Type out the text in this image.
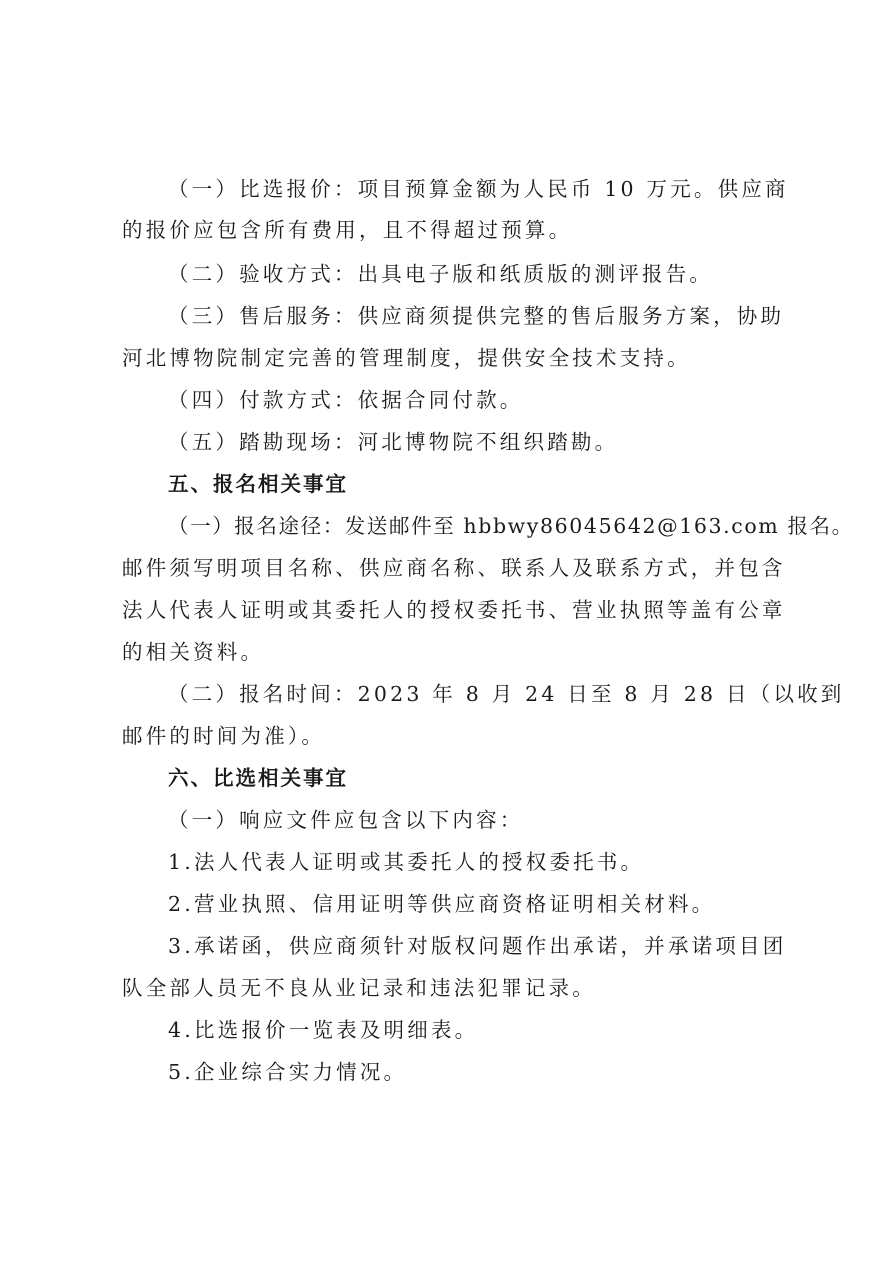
（一）比选报价：项目预算金额为人民币 10 万元。供应商
的报价应包含所有费用，且不得超过预算。
（二）验收方式：出具电子版和纸质版的测评报告。
（三）售后服务：供应商须提供完整的售后服务方案，协助
河北博物院制定完善的管理制度，提供安全技术支持。
（四）付款方式：依据合同付款。
（五）踏勘现场：河北博物院不组织踏勘。
五、报名相关事宜
（一）报名途径：发送邮件至 hbbwy86045642@163.com 报名。
邮件须写明项目名称、供应商名称、联系人及联系方式，并包含
法人代表人证明或其委托人的授权委托书、营业执照等盖有公章
的相关资料。
（二）报名时间：2023 年 8 月 24 日至 8 月 28 日（以收到
邮件的时间为准）。
六、比选相关事宜
（一）响应文件应包含以下内容：
1.法人代表人证明或其委托人的授权委托书。
2.营业执照、信用证明等供应商资格证明相关材料。
3.承诺函，供应商须针对版权问题作出承诺，并承诺项目团
队全部人员无不良从业记录和违法犯罪记录。
4.比选报价一览表及明细表。
5.企业综合实力情况。
